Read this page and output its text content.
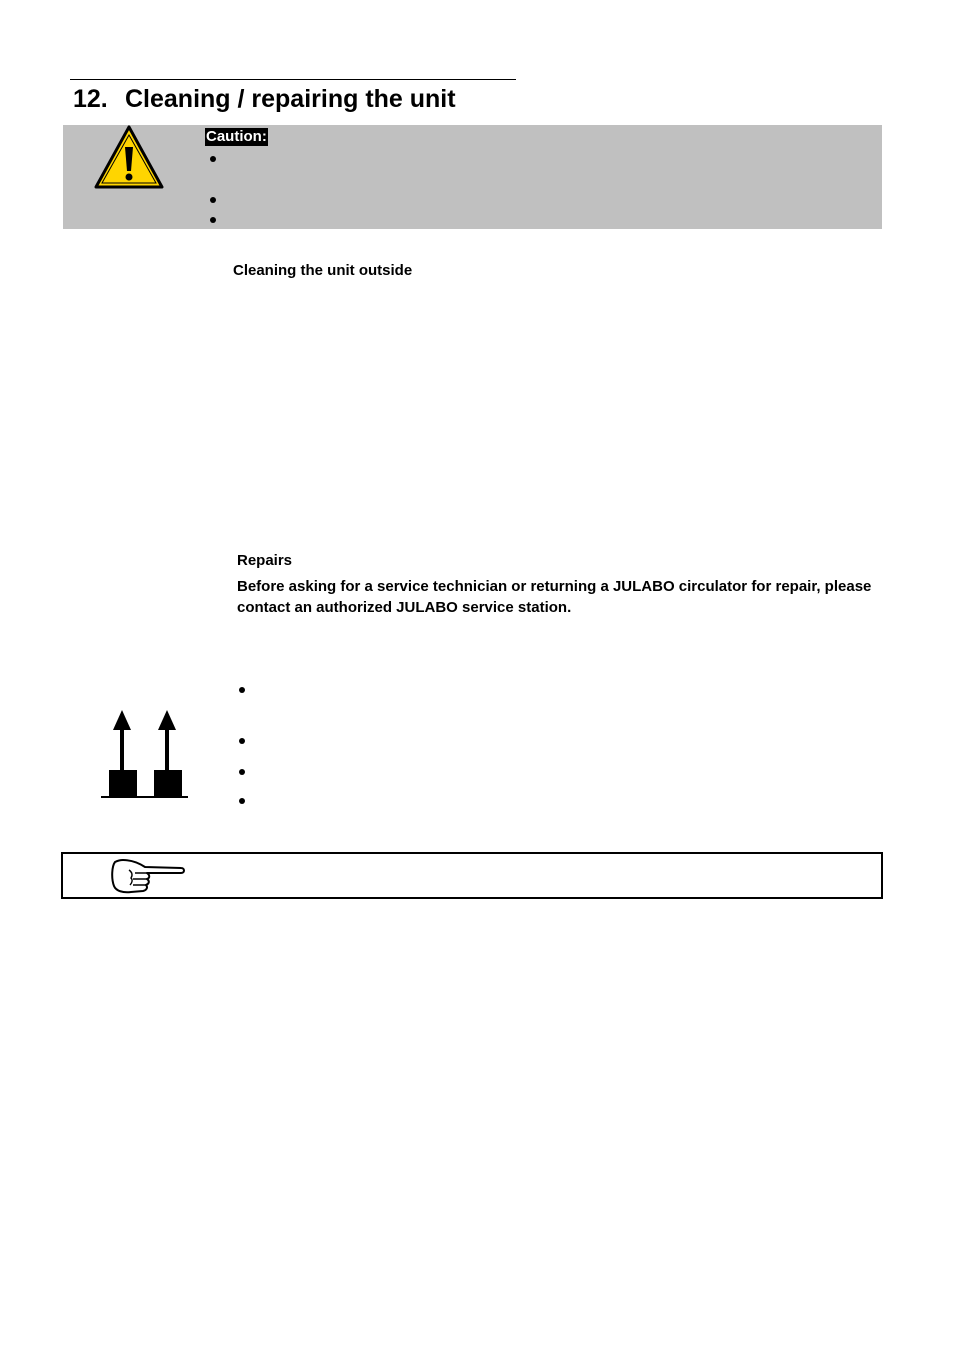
12. Cleaning / repairing the unit
Caution:
Cleaning the unit outside
Repairs
Before asking for a service technician or returning a JULABO circulator for repair, please contact an authorized JULABO service station.
